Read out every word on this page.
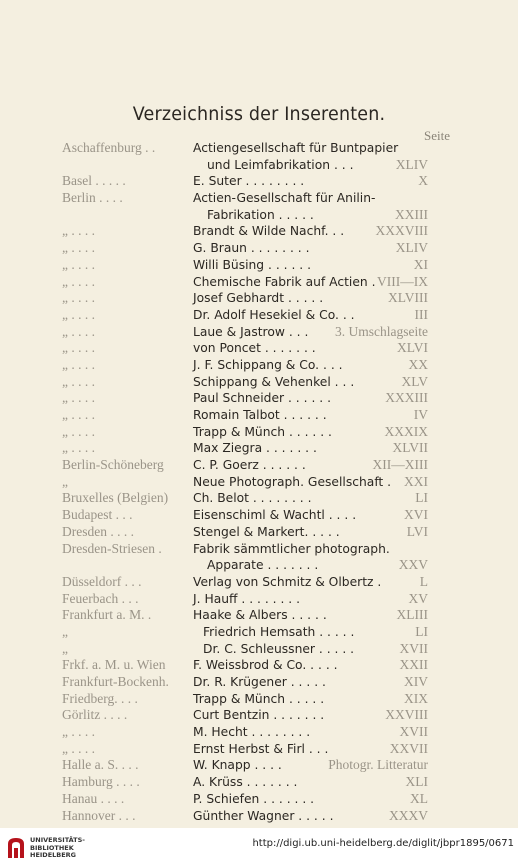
Verzeichniss der Inserenten.
Seite
Aschaffenburg . .	Actiengesellschaft für Buntpapier
und Leimfabrikation . . .	XLIV
Basel . . . . .	E. Suter . . . . . . . .	X
Berlin . . . .	Actien-Gesellschaft für Anilin-
Fabrikation . . . . .	XXIII
„ . . . .	Brandt & Wilde Nachf. . . XXXVIII
„ . . . .	G. Braun . . . . . . . .	XLIV
„ . . . .	Willi Büsing . . . . . .	XI
„ . . . .	Chemische Fabrik auf Actien . VIII—IX
„ . . . .	Josef Gebhardt . . . . .	XLVIII
„ . . . .	Dr. Adolf Hesekiel & Co. . .	III
„ . . . .	Laue & Jastrow . . . 3. Umschlagseite
„ . . . .	von Poncet . . . . . . .	XLVI
„ . . . .	J. F. Schippang & Co. . . .	XX
„ . . . .	Schippang & Vehenkel . . .	XLV
„ . . . .	Paul Schneider . . . . . .	XXXIII
„ . . . .	Romain Talbot . . . . . .	IV
„ . . . .	Trapp & Münch . . . . . .	XXXIX
„ . . . .	Max Ziegra . . . . . . .	XLVII
Berlin-Schöneberg C. P. Goerz . . . . . .	XII—XIII
„	Neue Photograph. Gesellschaft . XXI
Bruxelles (Belgien) Ch. Belot . . . . . . . .	LI
Budapest . . .	Eisenschiml & Wachtl . . . .	XVI
Dresden . . . .	Stengel & Markert. . . . .	LVI
Dresden-Striesen .	Fabrik sämmtlicher photograph.
Apparate . . . . . . .	XXV
Düsseldorf . . .	Verlag von Schmitz & Olbertz .	L
Feuerbach . . .	J. Hauff . . . . . . . .	XV
Frankfurt a. M. .	Haake & Albers . . . . .	XLIII
„	Friedrich Hemsath . . . . .	LI
„	Dr. C. Schleussner . . . . .	XVII
Frkf. a. M. u. Wien F. Weissbrod & Co. . . . .	XXII
Frankfurt-Bockenh. Dr. R. Krügener . . . . .	XIV
Friedberg. . . .	Trapp & Münch . . . . .	XIX
Görlitz . . . .	Curt Bentzin . . . . . . .	XXVIII
„ . . . .	M. Hecht . . . . . . . .	XVII
„ . . . .	Ernst Herbst & Firl . . .	XXVII
Halle a. S. . . .	W. Knapp . . . .	Photogr. Litteratur
Hamburg . . . .	A. Krüss . . . . . . .	XLI
Hanau . . . .	P. Schiefen . . . . . . .	XL
Hannover . . .	Günther Wagner . . . . .	XXXV
UNIVERSITÄTS-
BIBLIOTHEK
HEIDELBERG
http://digi.ub.uni-heidelberg.de/diglit/jbpr1895/0671
